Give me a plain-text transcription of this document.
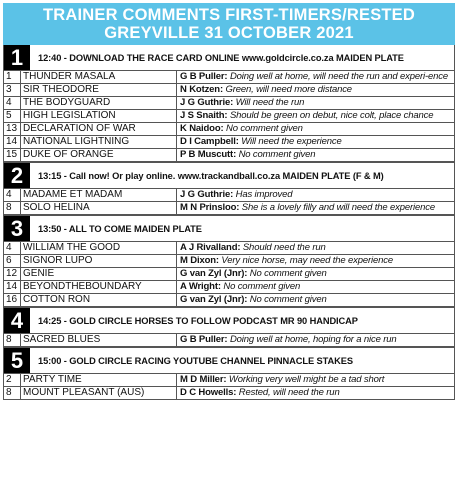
TRAINER COMMENTS FIRST-TIMERS/RESTED
GREYVILLE 31 OCTOBER 2021
1	12:40 - DOWNLOAD THE RACE CARD ONLINE www.goldcircle.co.za MAIDEN PLATE
1	THUNDER MASALA	G B Puller: Doing well at home, will need the run and experi-ence
3	SIR THEODORE	N Kotzen: Green, will need more distance
4	THE BODYGUARD	J G Guthrie: Will need the run
5	HIGH LEGISLATION	J S Snaith: Should be green on debut, nice colt, place chance
13 DECLARATION OF WAR	K Naidoo: No comment given
14 NATIONAL LIGHTNING	D I Campbell: Will need the experience
15 DUKE OF ORANGE	P B Muscutt: No comment given
2	13:15 - Call now! Or play online. www.trackandball.co.za MAIDEN PLATE (F & M)
4	MADAME ET MADAM	J G Guthrie: Has improved
8	SOLO HELINA	M N Prinsloo: She is a lovely filly and will need the experience
3	13:50 - ALL TO COME MAIDEN PLATE
4	WILLIAM THE GOOD	A J Rivalland: Should need the run
6	SIGNOR LUPO	M Dixon: Very nice horse, may need the experience
12 GENIE	G van Zyl (Jnr): No comment given
14 BEYONDTHEBOUNDARY	A Wright: No comment given
16 COTTON RON	G van Zyl (Jnr): No comment given
4	14:25 - GOLD CIRCLE HORSES TO FOLLOW PODCAST MR 90 HANDICAP
8	SACRED BLUES	G B Puller: Doing well at home, hoping for a nice run
5	15:00 - GOLD CIRCLE RACING YOUTUBE CHANNEL PINNACLE STAKES
2	PARTY TIME	M D Miller: Working very well might be a tad short
8	MOUNT PLEASANT (AUS)	D C Howells: Rested, will need the run
